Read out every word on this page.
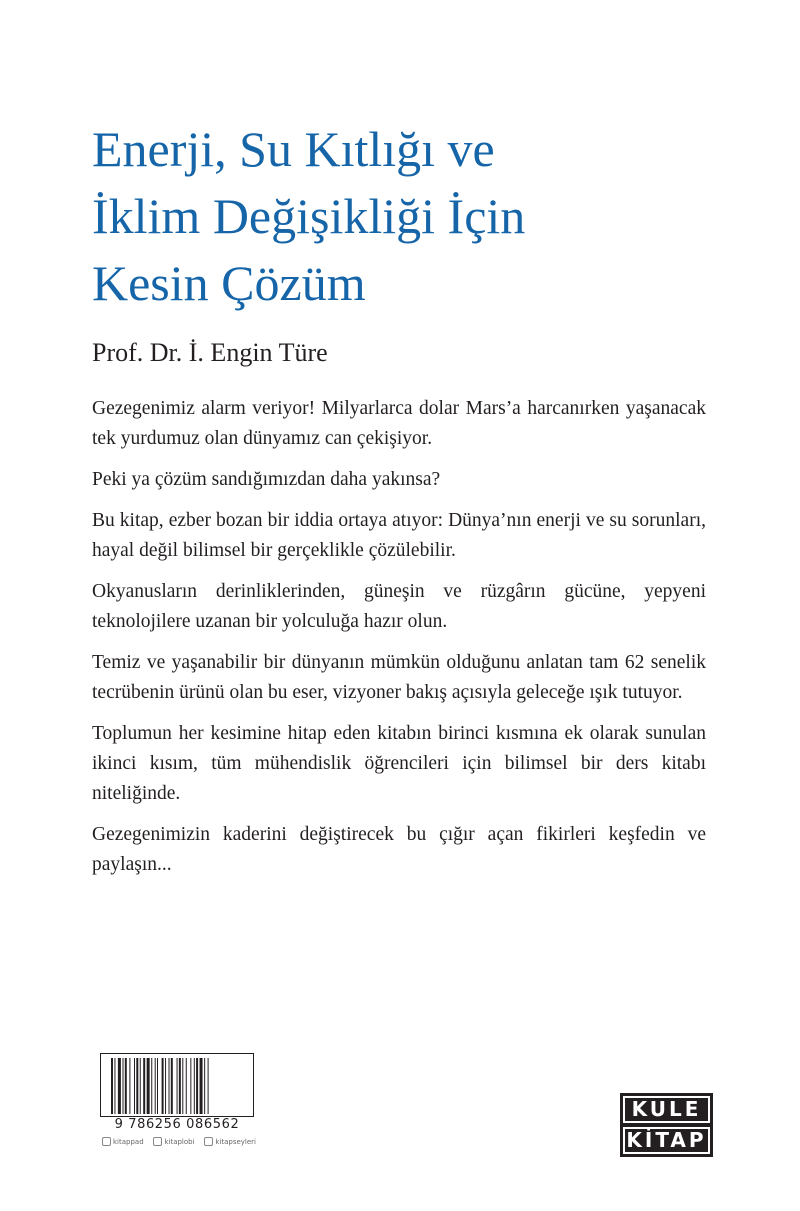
Enerji, Su Kıtlığı ve
İklim Değişikliği İçin
Kesin Çözüm

Prof. Dr. İ. Engin Türe

Gezegenimiz alarm veriyor! Milyarlarca dolar Mars’a harcanırken yaşanacak tek yurdumuz olan dünyamız can çekişiyor.

Peki ya çözüm sandığımızdan daha yakınsa?

Bu kitap, ezber bozan bir iddia ortaya atıyor: Dünya’nın enerji ve su sorunları, hayal değil bilimsel bir gerçeklikle çözülebilir.

Okyanusların derinliklerinden, güneşin ve rüzgârın gücüne, yepyeni teknolojilere uzanan bir yolculuğa hazır olun.

Temiz ve yaşanabilir bir dünyanın mümkün olduğunu anlatan tam 62 senelik tecrübenin ürünü olan bu eser, vizyoner bakış açısıyla geleceğe ışık tutuyor.

Toplumun her kesimine hitap eden kitabın birinci kısmına ek olarak sunulan ikinci kısım, tüm mühendislik öğrencileri için bilimsel bir ders kitabı niteliğinde.

Gezegenimizin kaderini değiştirecek bu çığır açan fikirleri keşfedin ve paylaşın...

9 786256 086562
kitappad	kitaplobi	kitapseyleri
KULE
KİTAP
